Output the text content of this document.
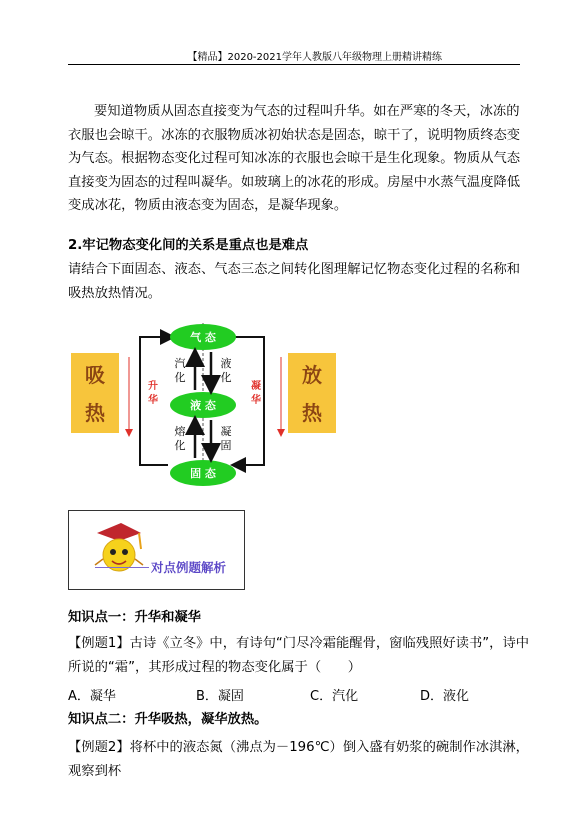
【精品】2020-2021学年人教版八年级物理上册精讲精练

要知道物质从固态直接变为气态的过程叫升华。如在严寒的冬天，冰冻的衣服也会晾干。冰冻的衣服物质冰初始状态是固态，晾干了，说明物质终态变为气态。根据物态变化过程可知冰冻的衣服也会晾干是生化现象。物质从气态直接变为固态的过程叫凝华。如玻璃上的冰花的形成。房屋中水蒸气温度降低变成冰花，物质由液态变为固态，是凝华现象。

2.牢记物态变化间的关系是重点也是难点

请结合下面固态、液态、气态三态之间转化图理解记忆物态变化过程的名称和吸热放热情况。

吸
热
放
热
升
华
凝
华
气 态
液 态
固 态
汽
化
液
化
熔
化
凝
固
对点例题解析

知识点一：升华和凝华

【例题1】古诗《立冬》中，有诗句“门尽冷霜能醒骨，窗临残照好读书”，诗中所说的“霜”，其形成过程的物态变化属于（　　）

A．凝华	B．凝固	C．汽化	D．液化

知识点二：升华吸热，凝华放热。

【例题2】将杯中的液态氮（沸点为－196℃）倒入盛有奶浆的碗制作冰淇淋，观察到杯
